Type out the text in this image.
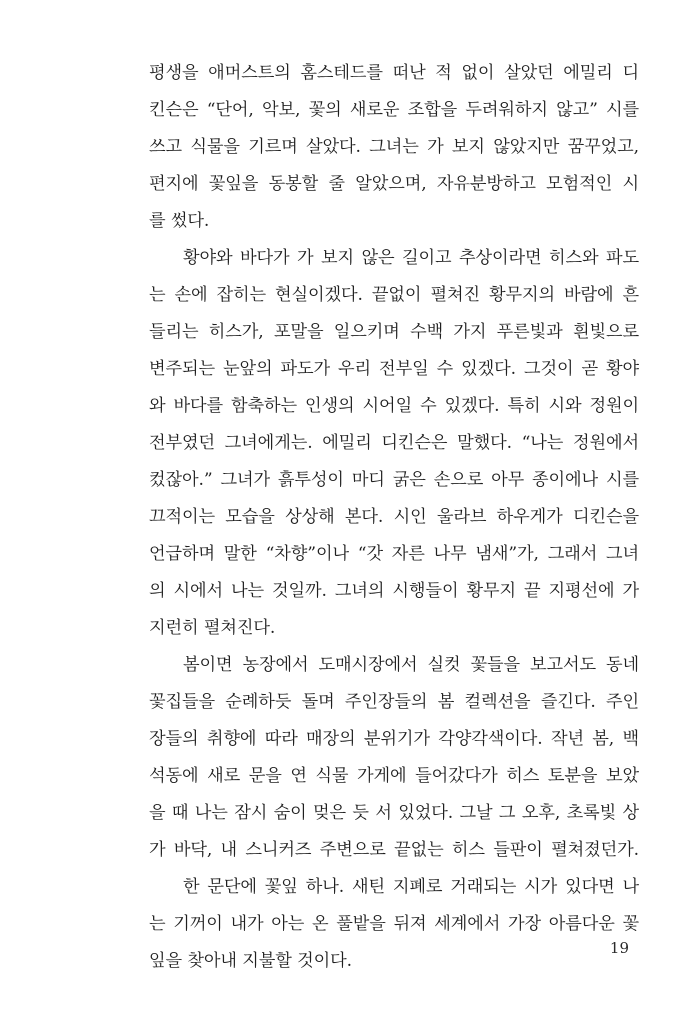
평생을 애머스트의 홈스테드를 떠난 적 없이 살았던 에밀리 디
킨슨은 “단어, 악보, 꽃의 새로운 조합을 두려워하지 않고” 시를
쓰고 식물을 기르며 살았다. 그녀는 가 보지 않았지만 꿈꾸었고,
편지에 꽃잎을 동봉할 줄 알았으며, 자유분방하고 모험적인 시
를 썼다.
황야와 바다가 가 보지 않은 길이고 추상이라면 히스와 파도
는 손에 잡히는 현실이겠다. 끝없이 펼쳐진 황무지의 바람에 흔
들리는 히스가, 포말을 일으키며 수백 가지 푸른빛과 흰빛으로
변주되는 눈앞의 파도가 우리 전부일 수 있겠다. 그것이 곧 황야
와 바다를 함축하는 인생의 시어일 수 있겠다. 특히 시와 정원이
전부였던 그녀에게는. 에밀리 디킨슨은 말했다. “나는 정원에서
컸잖아.” 그녀가 흙투성이 마디 굵은 손으로 아무 종이에나 시를
끄적이는 모습을 상상해 본다. 시인 울라브 하우게가 디킨슨을
언급하며 말한 “차향”이나 “갓 자른 나무 냄새”가, 그래서 그녀
의 시에서 나는 것일까. 그녀의 시행들이 황무지 끝 지평선에 가
지런히 펼쳐진다.
봄이면 농장에서 도매시장에서 실컷 꽃들을 보고서도 동네
꽃집들을 순례하듯 돌며 주인장들의 봄 컬렉션을 즐긴다. 주인
장들의 취향에 따라 매장의 분위기가 각양각색이다. 작년 봄, 백
석동에 새로 문을 연 식물 가게에 들어갔다가 히스 토분을 보았
을 때 나는 잠시 숨이 멎은 듯 서 있었다. 그날 그 오후, 초록빛 상
가 바닥, 내 스니커즈 주변으로 끝없는 히스 들판이 펼쳐졌던가.
한 문단에 꽃잎 하나. 새틴 지폐로 거래되는 시가 있다면 나
는 기꺼이 내가 아는 온 풀밭을 뒤져 세계에서 가장 아름다운 꽃
잎을 찾아내 지불할 것이다.
19
